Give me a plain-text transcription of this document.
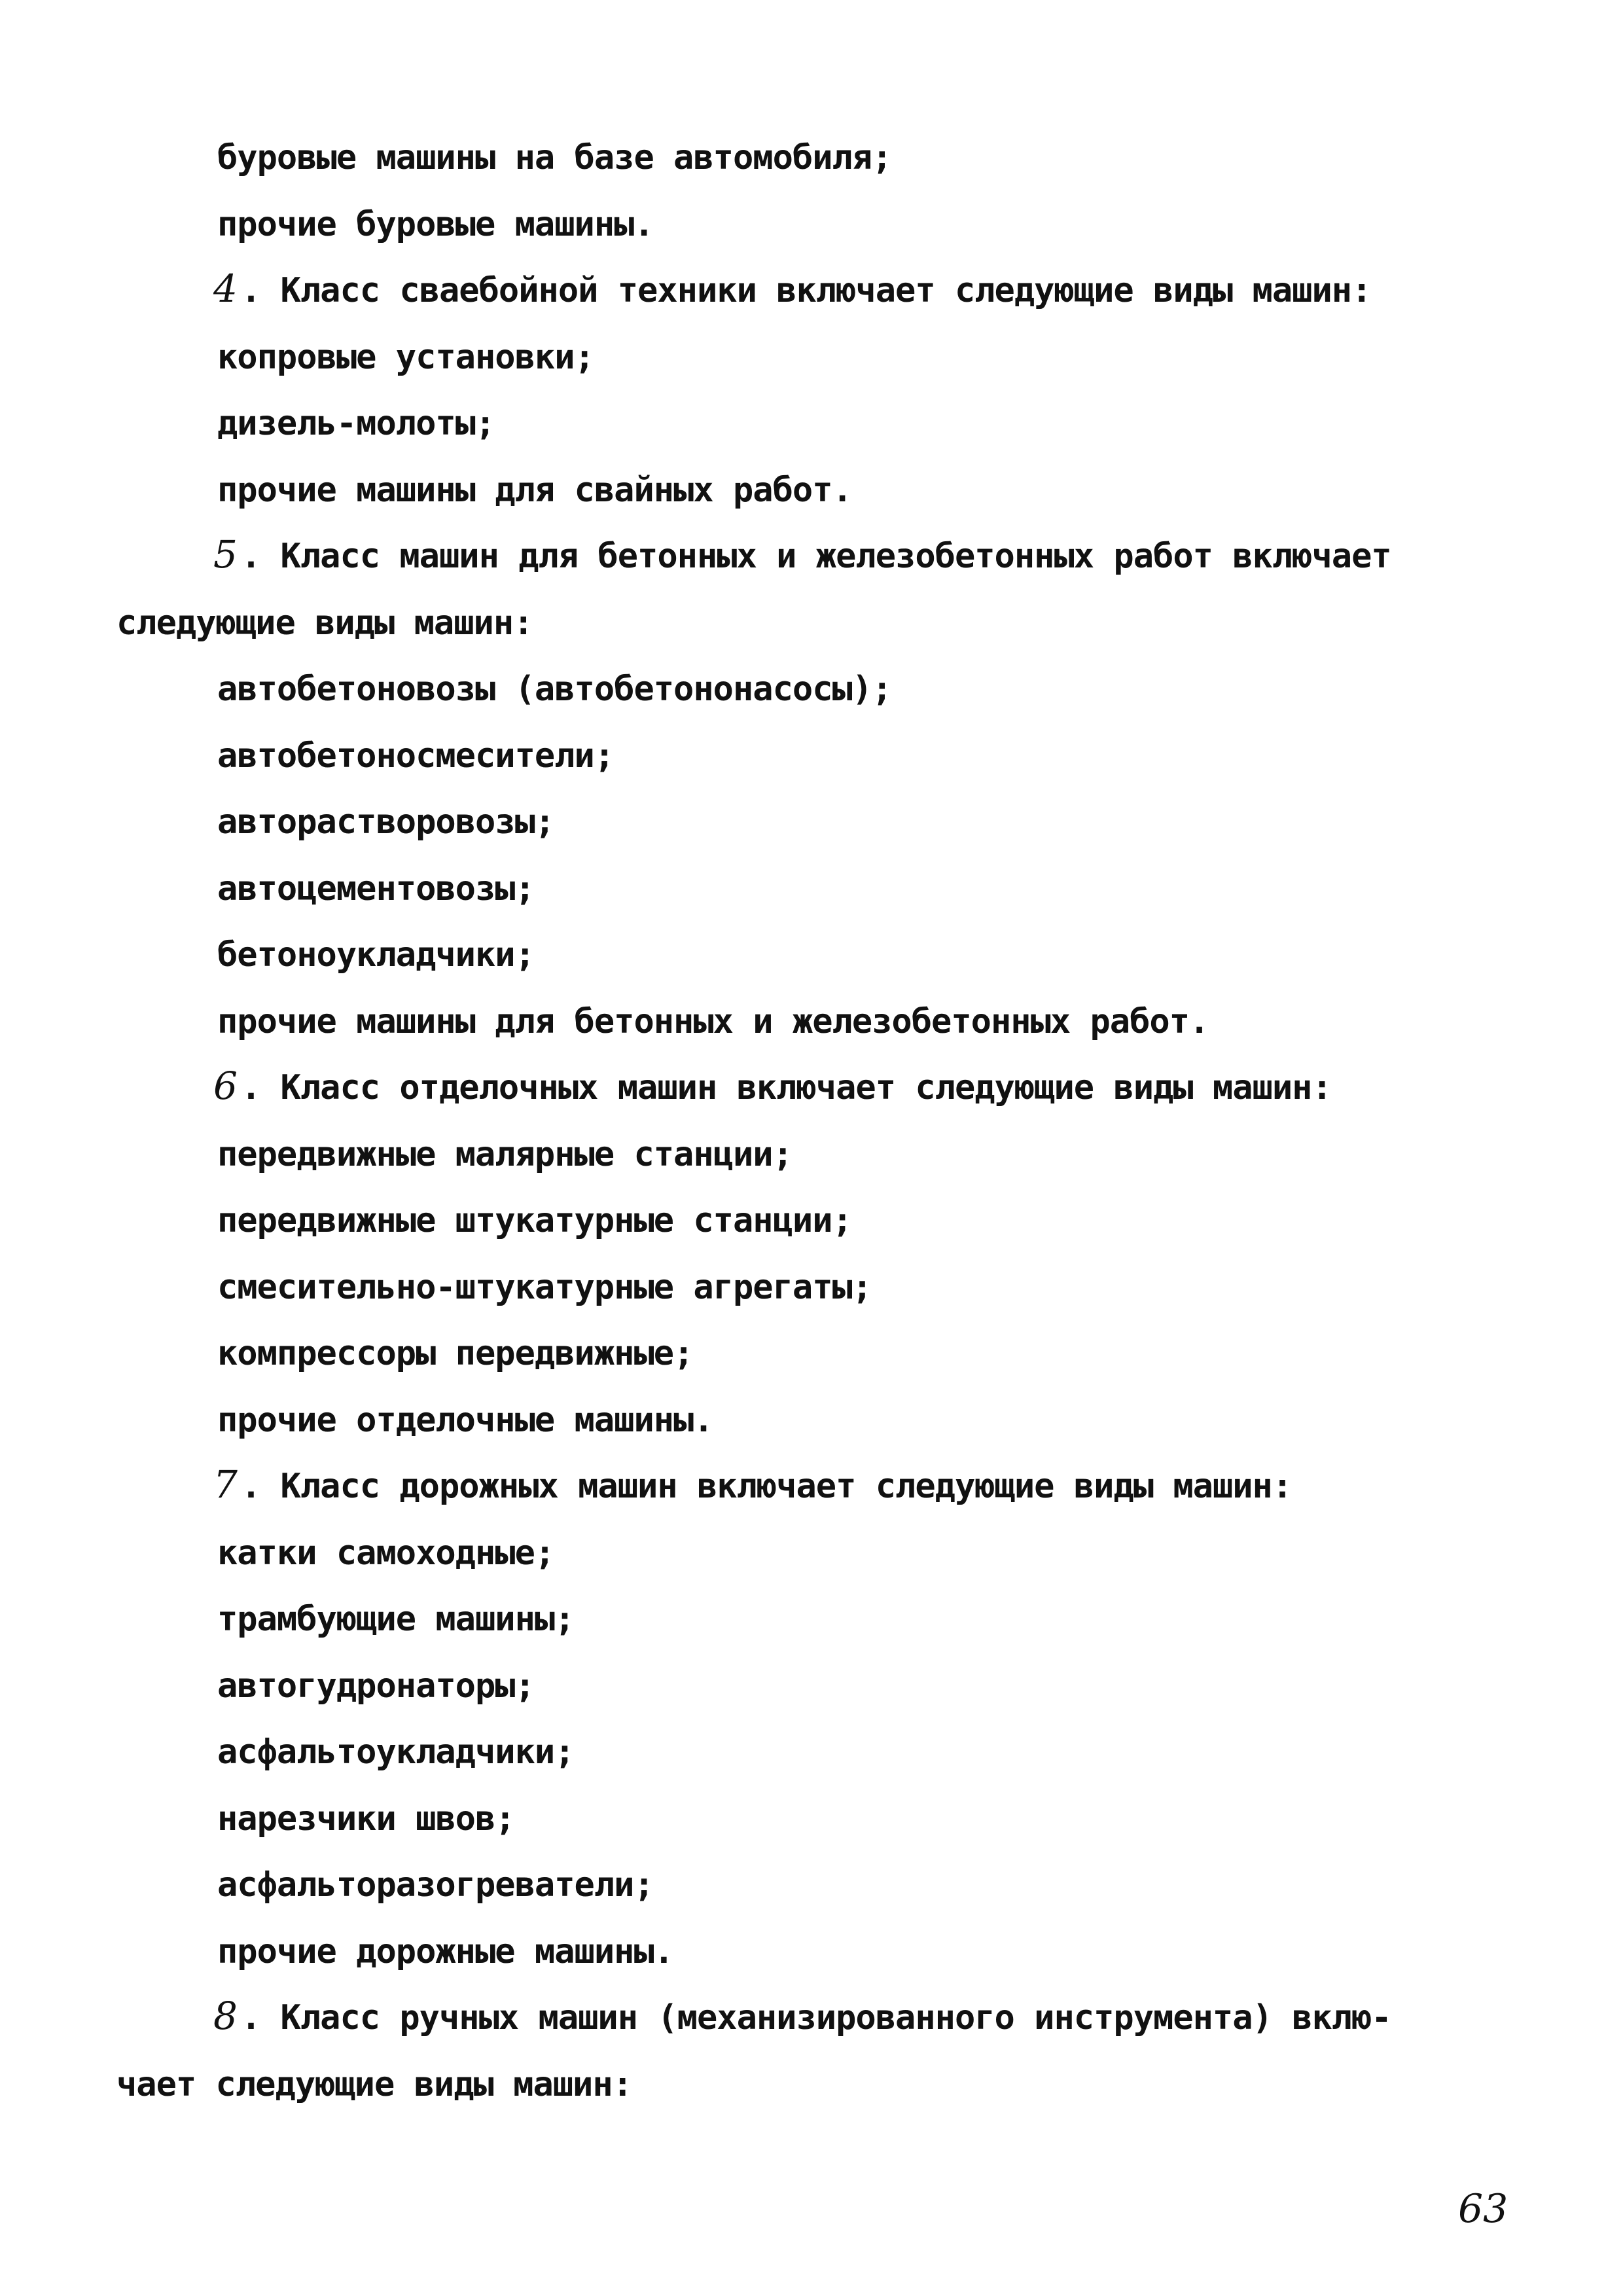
буровые машины на базе автомобиля;
прочие буровые машины.
4 . Класс сваебойной техники включает следующие виды машин:
копровые установки;
дизель-молоты;
прочие машины для свайных работ.
5 . Класс машин для бетонных и железобетонных работ включает
следующие виды машин:
автобетоновозы (автобетононасосы);
автобетоносмесители;
авторастворовозы;
автоцементовозы;
бетоноукладчики;
прочие машины для бетонных и железобетонных работ.
6 . Класс отделочных машин включает следующие виды машин:
передвижные малярные станции;
передвижные штукатурные станции;
смесительно-штукатурные агрегаты;
компрессоры передвижные;
прочие отделочные машины.
7 . Класс дорожных машин включает следующие виды машин:
катки самоходные;
трамбующие машины;
автогудронаторы;
асфальтоукладчики;
нарезчики швов;
асфальторазогреватели;
прочие дорожные машины.
8 . Класс ручных машин (механизированного инструмента) вклю-
чает следующие виды машин:
63
